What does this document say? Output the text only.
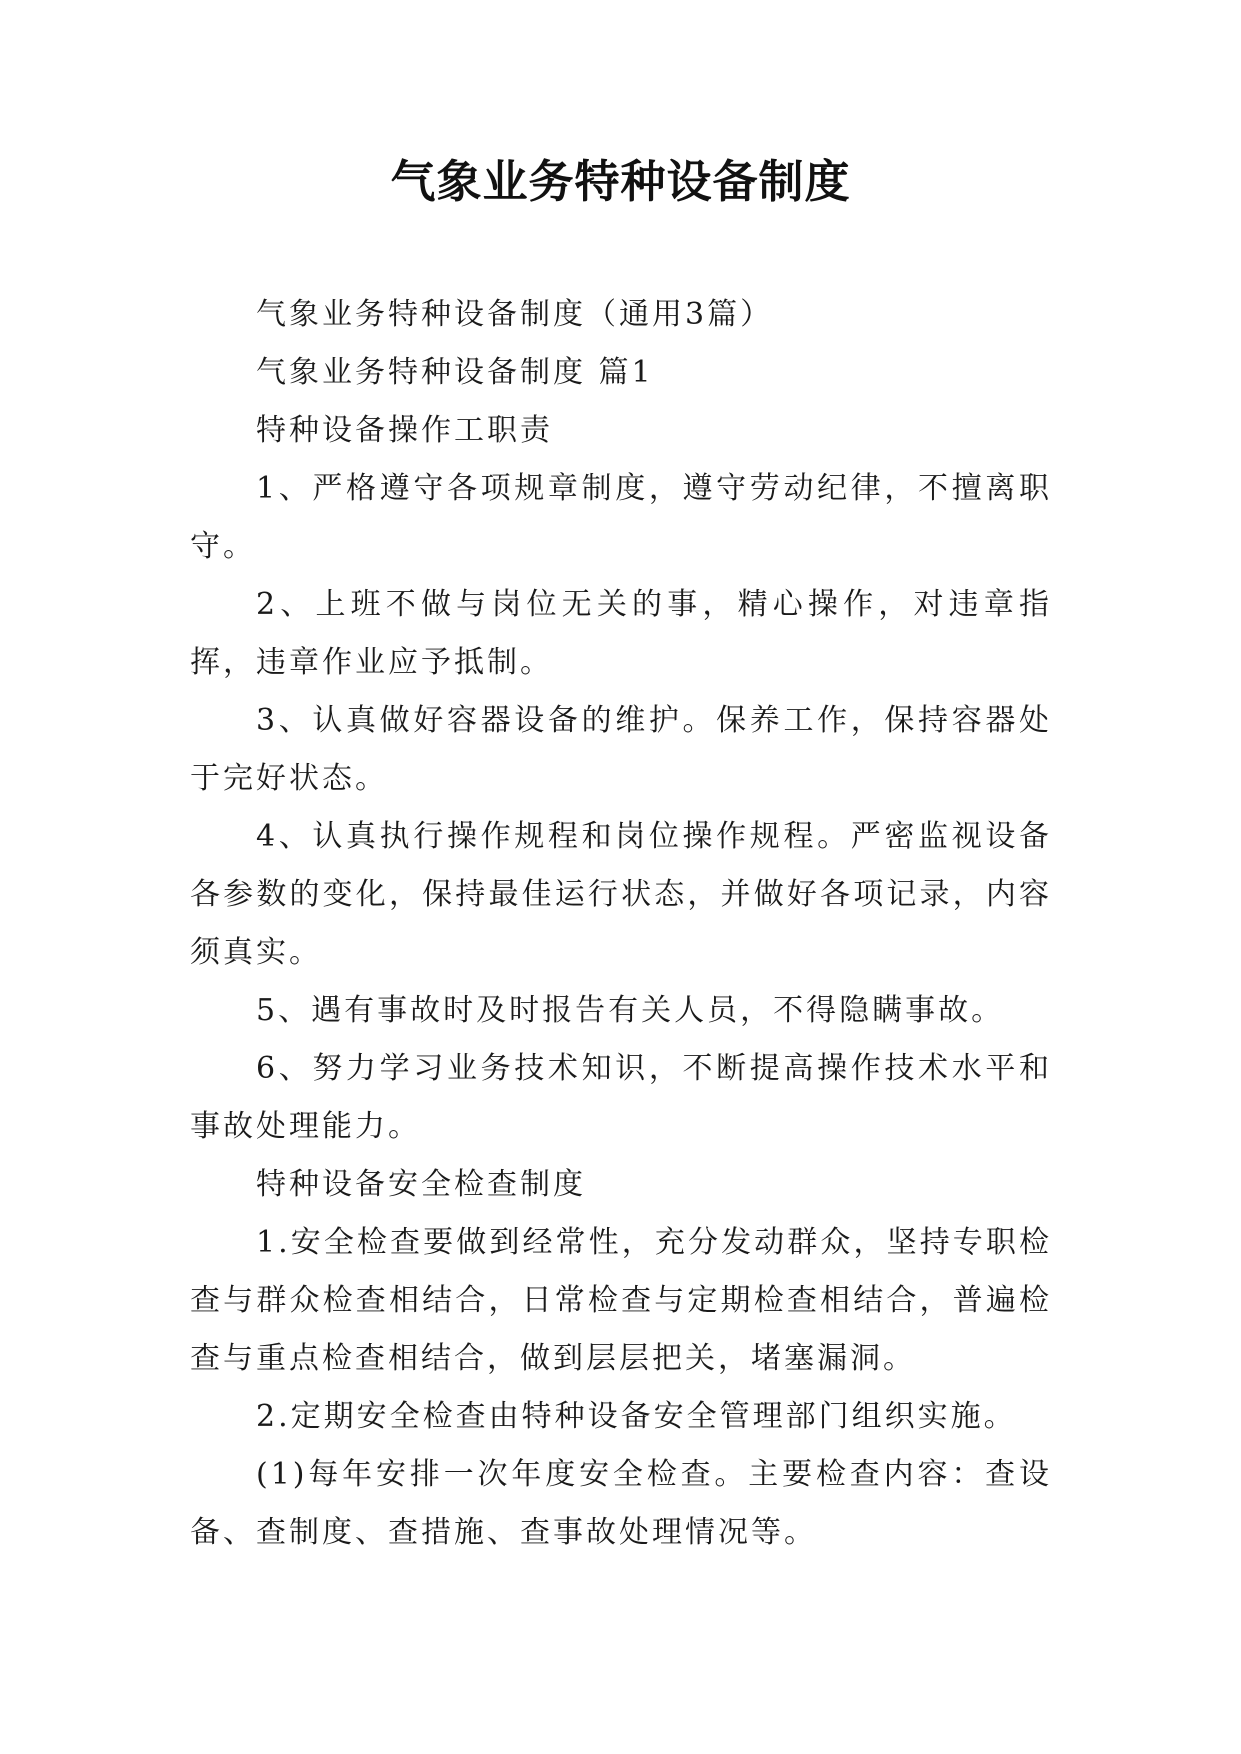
气象业务特种设备制度

气象业务特种设备制度（通用3篇）

气象业务特种设备制度 篇1

特种设备操作工职责

1、严格遵守各项规章制度，遵守劳动纪律，不擅离职守。

2、上班不做与岗位无关的事，精心操作，对违章指挥，违章作业应予抵制。

3、认真做好容器设备的维护。保养工作，保持容器处于完好状态。

4、认真执行操作规程和岗位操作规程。严密监视设备各参数的变化，保持最佳运行状态，并做好各项记录，内容须真实。

5、遇有事故时及时报告有关人员，不得隐瞒事故。

6、努力学习业务技术知识，不断提高操作技术水平和事故处理能力。

特种设备安全检查制度

1.安全检查要做到经常性，充分发动群众，坚持专职检查与群众检查相结合，日常检查与定期检查相结合，普遍检查与重点检查相结合，做到层层把关，堵塞漏洞。

2.定期安全检查由特种设备安全管理部门组织实施。

(1)每年安排一次年度安全检查。主要检查内容：查设备、查制度、查措施、查事故处理情况等。
